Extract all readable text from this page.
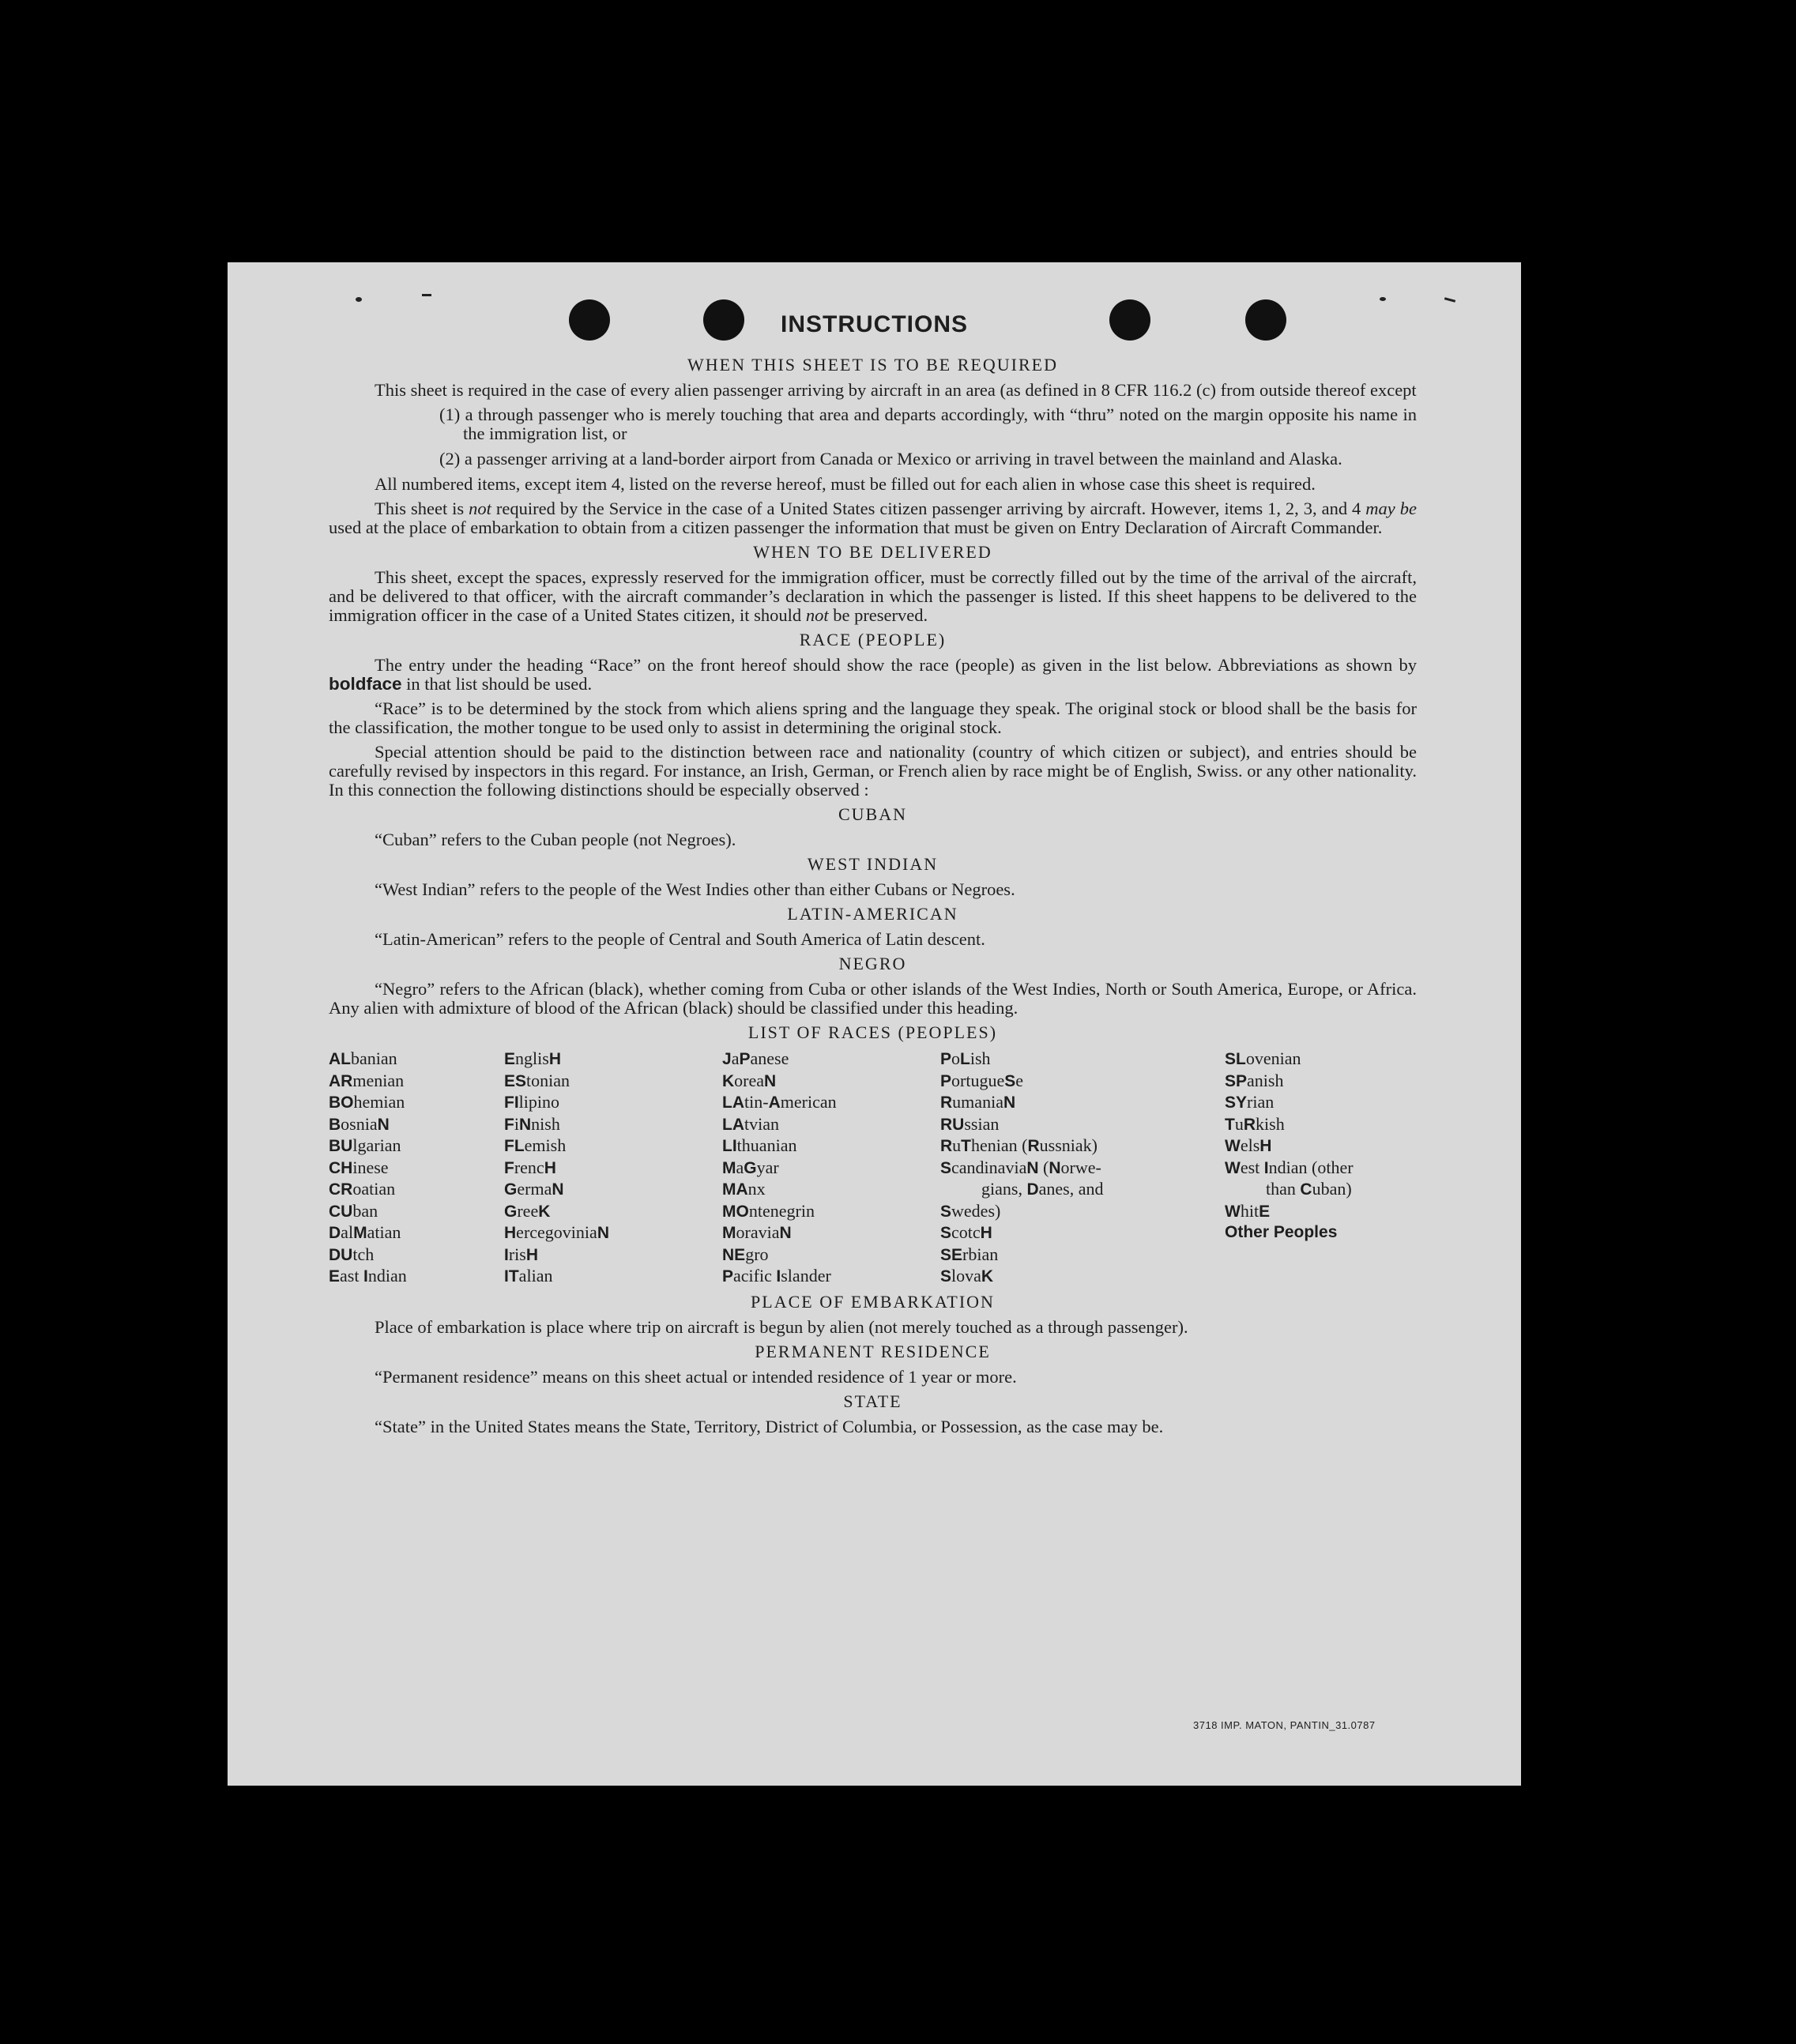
INSTRUCTIONS
WHEN THIS SHEET IS TO BE REQUIRED

This sheet is required in the case of every alien passenger arriving by aircraft in an area (as defined in 8 CFR 116.2 (c) from outside thereof except

(1) a through passenger who is merely touching that area and departs accordingly, with “thru” noted on the margin opposite his name in the immigration list, or
(2) a passenger arriving at a land-border airport from Canada or Mexico or arriving in travel between the mainland and Alaska.

All numbered items, except item 4, listed on the reverse hereof, must be filled out for each alien in whose case this sheet is required.

This sheet is not required by the Service in the case of a United States citizen passenger arriving by aircraft. However, items 1, 2, 3, and 4 may be used at the place of embarkation to obtain from a citizen passenger the information that must be given on Entry Declaration of Aircraft Commander.

WHEN TO BE DELIVERED

This sheet, except the spaces, expressly reserved for the immigration officer, must be correctly filled out by the time of the arrival of the aircraft, and be delivered to that officer, with the aircraft commander’s declaration in which the passenger is listed. If this sheet happens to be delivered to the immigration officer in the case of a United States citizen, it should not be preserved.

RACE (PEOPLE)

The entry under the heading “Race” on the front hereof should show the race (people) as given in the list below. Abbreviations as shown by boldface in that list should be used.

“Race” is to be determined by the stock from which aliens spring and the language they speak. The original stock or blood shall be the basis for the classification, the mother tongue to be used only to assist in determining the original stock.

Special attention should be paid to the distinction between race and nationality (country of which citizen or subject), and entries should be carefully revised by inspectors in this regard. For instance, an Irish, German, or French alien by race might be of English, Swiss. or any other nationality. In this connection the following distinctions should be especially observed :

CUBAN

“Cuban” refers to the Cuban people (not Negroes).

WEST INDIAN

“West Indian” refers to the people of the West Indies other than either Cubans or Negroes.

LATIN-AMERICAN

“Latin-American” refers to the people of Central and South America of Latin descent.

NEGRO

“Negro” refers to the African (black), whether coming from Cuba or other islands of the West Indies, North or South America, Europe, or Africa. Any alien with admixture of blood of the African (black) should be classified under this heading.

LIST OF RACES (PEOPLES)
ALbanian
ARmenian
BOhemian
BosniaN
BUlgarian
CHinese
CRoatian
CUban
DalMatian
DUtch
East Indian
EnglisH
EStonian
FIlipino
FiNnish
FLemish
FrencH
GermaN
GreeK
HercegoviniaN
IrisH
ITalian
JaPanese
KoreaN
LAtin-American
LAtvian
LIthuanian
MaGyar
MAnx
MOntenegrin
MoraviaN
NEgro
Pacific Islander
PoLish
PortugueSe
RumaniaN
RUssian
RuThenian (Russniak)
ScandinaviaN (Norwe-
gians, Danes, and
Swedes)
ScotcH
SErbian
SlovaK
SLovenian
SPanish
SYrian
TuRkish
WelsH
West Indian (other
than Cuban)
WhitE
Other Peoples
PLACE OF EMBARKATION

Place of embarkation is place where trip on aircraft is begun by alien (not merely touched as a through passenger).

PERMANENT RESIDENCE

“Permanent residence” means on this sheet actual or intended residence of 1 year or more.

STATE

“State” in the United States means the State, Territory, District of Columbia, or Possession, as the case may be.

3718 IMP. MATON, PANTIN_31.0787
